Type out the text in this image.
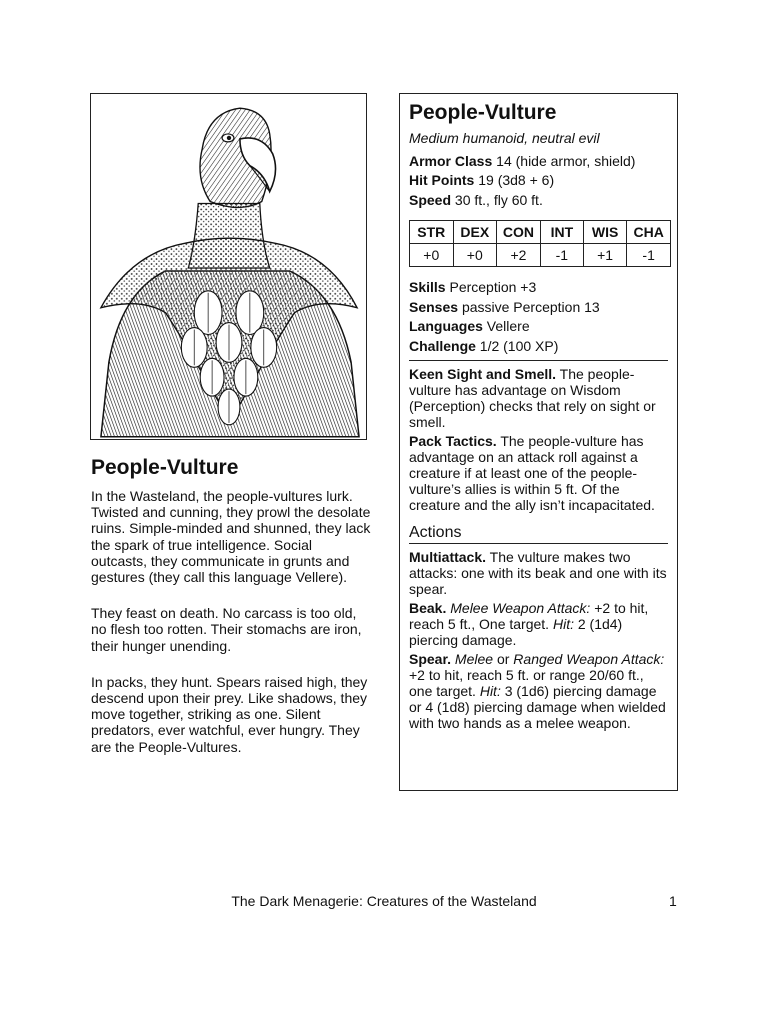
People-Vulture

In the Wasteland, the people-vultures lurk. Twisted and cunning, they prowl the desolate ruins. Simple-minded and shunned, they lack the spark of true intelligence. Social outcasts, they communicate in grunts and gestures (they call this language Vellere).

They feast on death. No carcass is too old, no flesh too rotten. Their stomachs are iron, their hunger unending.

In packs, they hunt. Spears raised high, they descend upon their prey. Like shadows, they move together, striking as one. Silent predators, ever watchful, ever hungry. They are the People-Vultures.

People-Vulture
Medium humanoid, neutral evil
Armor Class 14 (hide armor, shield)
Hit Points 19 (3d8 + 6)
Speed 30 ft., fly 60 ft.
STR	DEX	CON	INT	WIS	CHA
+0	+0	+2	-1	+1	-1
Skills Perception +3
Senses passive Perception 13
Languages Vellere
Challenge 1/2 (100 XP)
Keen Sight and Smell. The people-vulture has advantage on Wisdom (Perception) checks that rely on sight or smell.
Pack Tactics. The people-vulture has advantage on an attack roll against a creature if at least one of the people-vulture’s allies is within 5 ft. Of the creature and the ally isn’t incapacitated.
Actions
Multiattack. The vulture makes two attacks: one with its beak and one with its spear.
Beak. Melee Weapon Attack: +2 to hit, reach 5 ft., One target. Hit: 2 (1d4) piercing damage.
Spear. Melee or Ranged Weapon Attack: +2 to hit, reach 5 ft. or range 20/60 ft., one target. Hit: 3 (1d6) piercing damage or 4 (1d8) piercing damage when wielded with two hands as a melee weapon.
The Dark Menagerie: Creatures of the Wasteland	1
